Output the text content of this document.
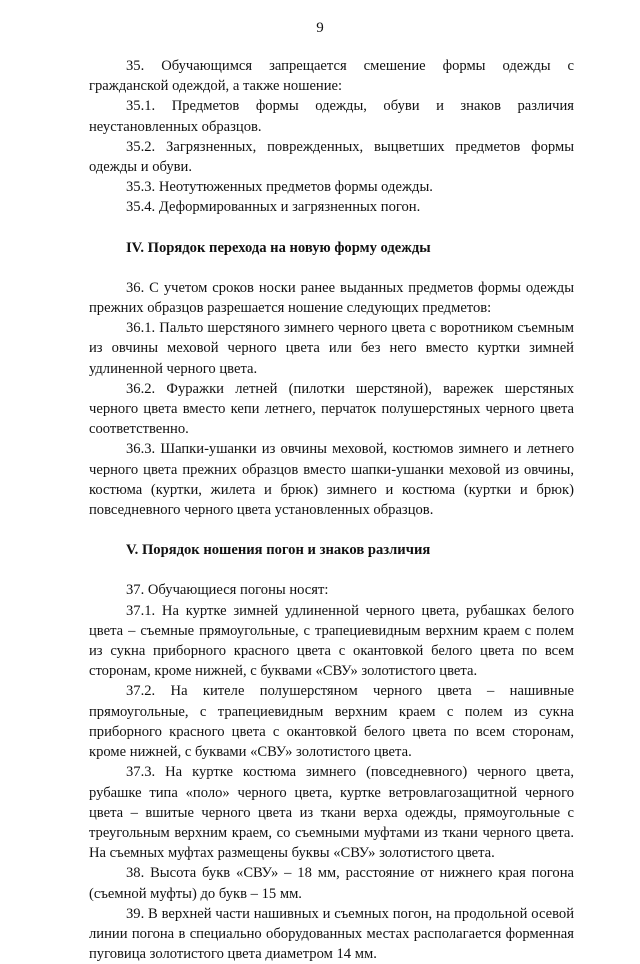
9

35. Обучающимся запрещается смешение формы одежды с гражданской одеждой, а также ношение:

35.1. Предметов формы одежды, обуви и знаков различия неустановленных образцов.

35.2. Загрязненных, поврежденных, выцветших предметов формы одежды и обуви.

35.3. Неотутюженных предметов формы одежды.

35.4. Деформированных и загрязненных погон.

IV. Порядок перехода на новую форму одежды

36. С учетом сроков носки ранее выданных предметов формы одежды прежних образцов разрешается ношение следующих предметов:

36.1. Пальто шерстяного зимнего черного цвета с воротником съемным из овчины меховой черного цвета или без него вместо куртки зимней удлиненной черного цвета.

36.2. Фуражки летней (пилотки шерстяной), варежек шерстяных черного цвета вместо кепи летнего, перчаток полушерстяных черного цвета соответственно.

36.3. Шапки-ушанки из овчины меховой, костюмов зимнего и летнего черного цвета прежних образцов вместо шапки-ушанки меховой из овчины, костюма (куртки, жилета и брюк) зимнего и костюма (куртки и брюк) повседневного черного цвета установленных образцов.

V. Порядок ношения погон и знаков различия

37. Обучающиеся погоны носят:

37.1. На куртке зимней удлиненной черного цвета, рубашках белого цвета – съемные прямоугольные, с трапециевидным верхним краем с полем из сукна приборного красного цвета с окантовкой белого цвета по всем сторонам, кроме нижней, с буквами «СВУ» золотистого цвета.

37.2. На кителе полушерстяном черного цвета – нашивные прямоугольные, с трапециевидным верхним краем с полем из сукна приборного красного цвета с окантовкой белого цвета по всем сторонам, кроме нижней, с буквами «СВУ» золотистого цвета.

37.3. На куртке костюма зимнего (повседневного) черного цвета, рубашке типа «поло» черного цвета, куртке ветровлагозащитной черного цвета – вшитые черного цвета из ткани верха одежды, прямоугольные с треугольным верхним краем, со съемными муфтами из ткани черного цвета. На съемных муфтах размещены буквы «СВУ» золотистого цвета.

38. Высота букв «СВУ» – 18 мм, расстояние от нижнего края погона (съемной муфты) до букв – 15 мм.

39. В верхней части нашивных и съемных погон, на продольной осевой линии погона в специально оборудованных местах располагается форменная пуговица золотистого цвета диаметром 14 мм.
